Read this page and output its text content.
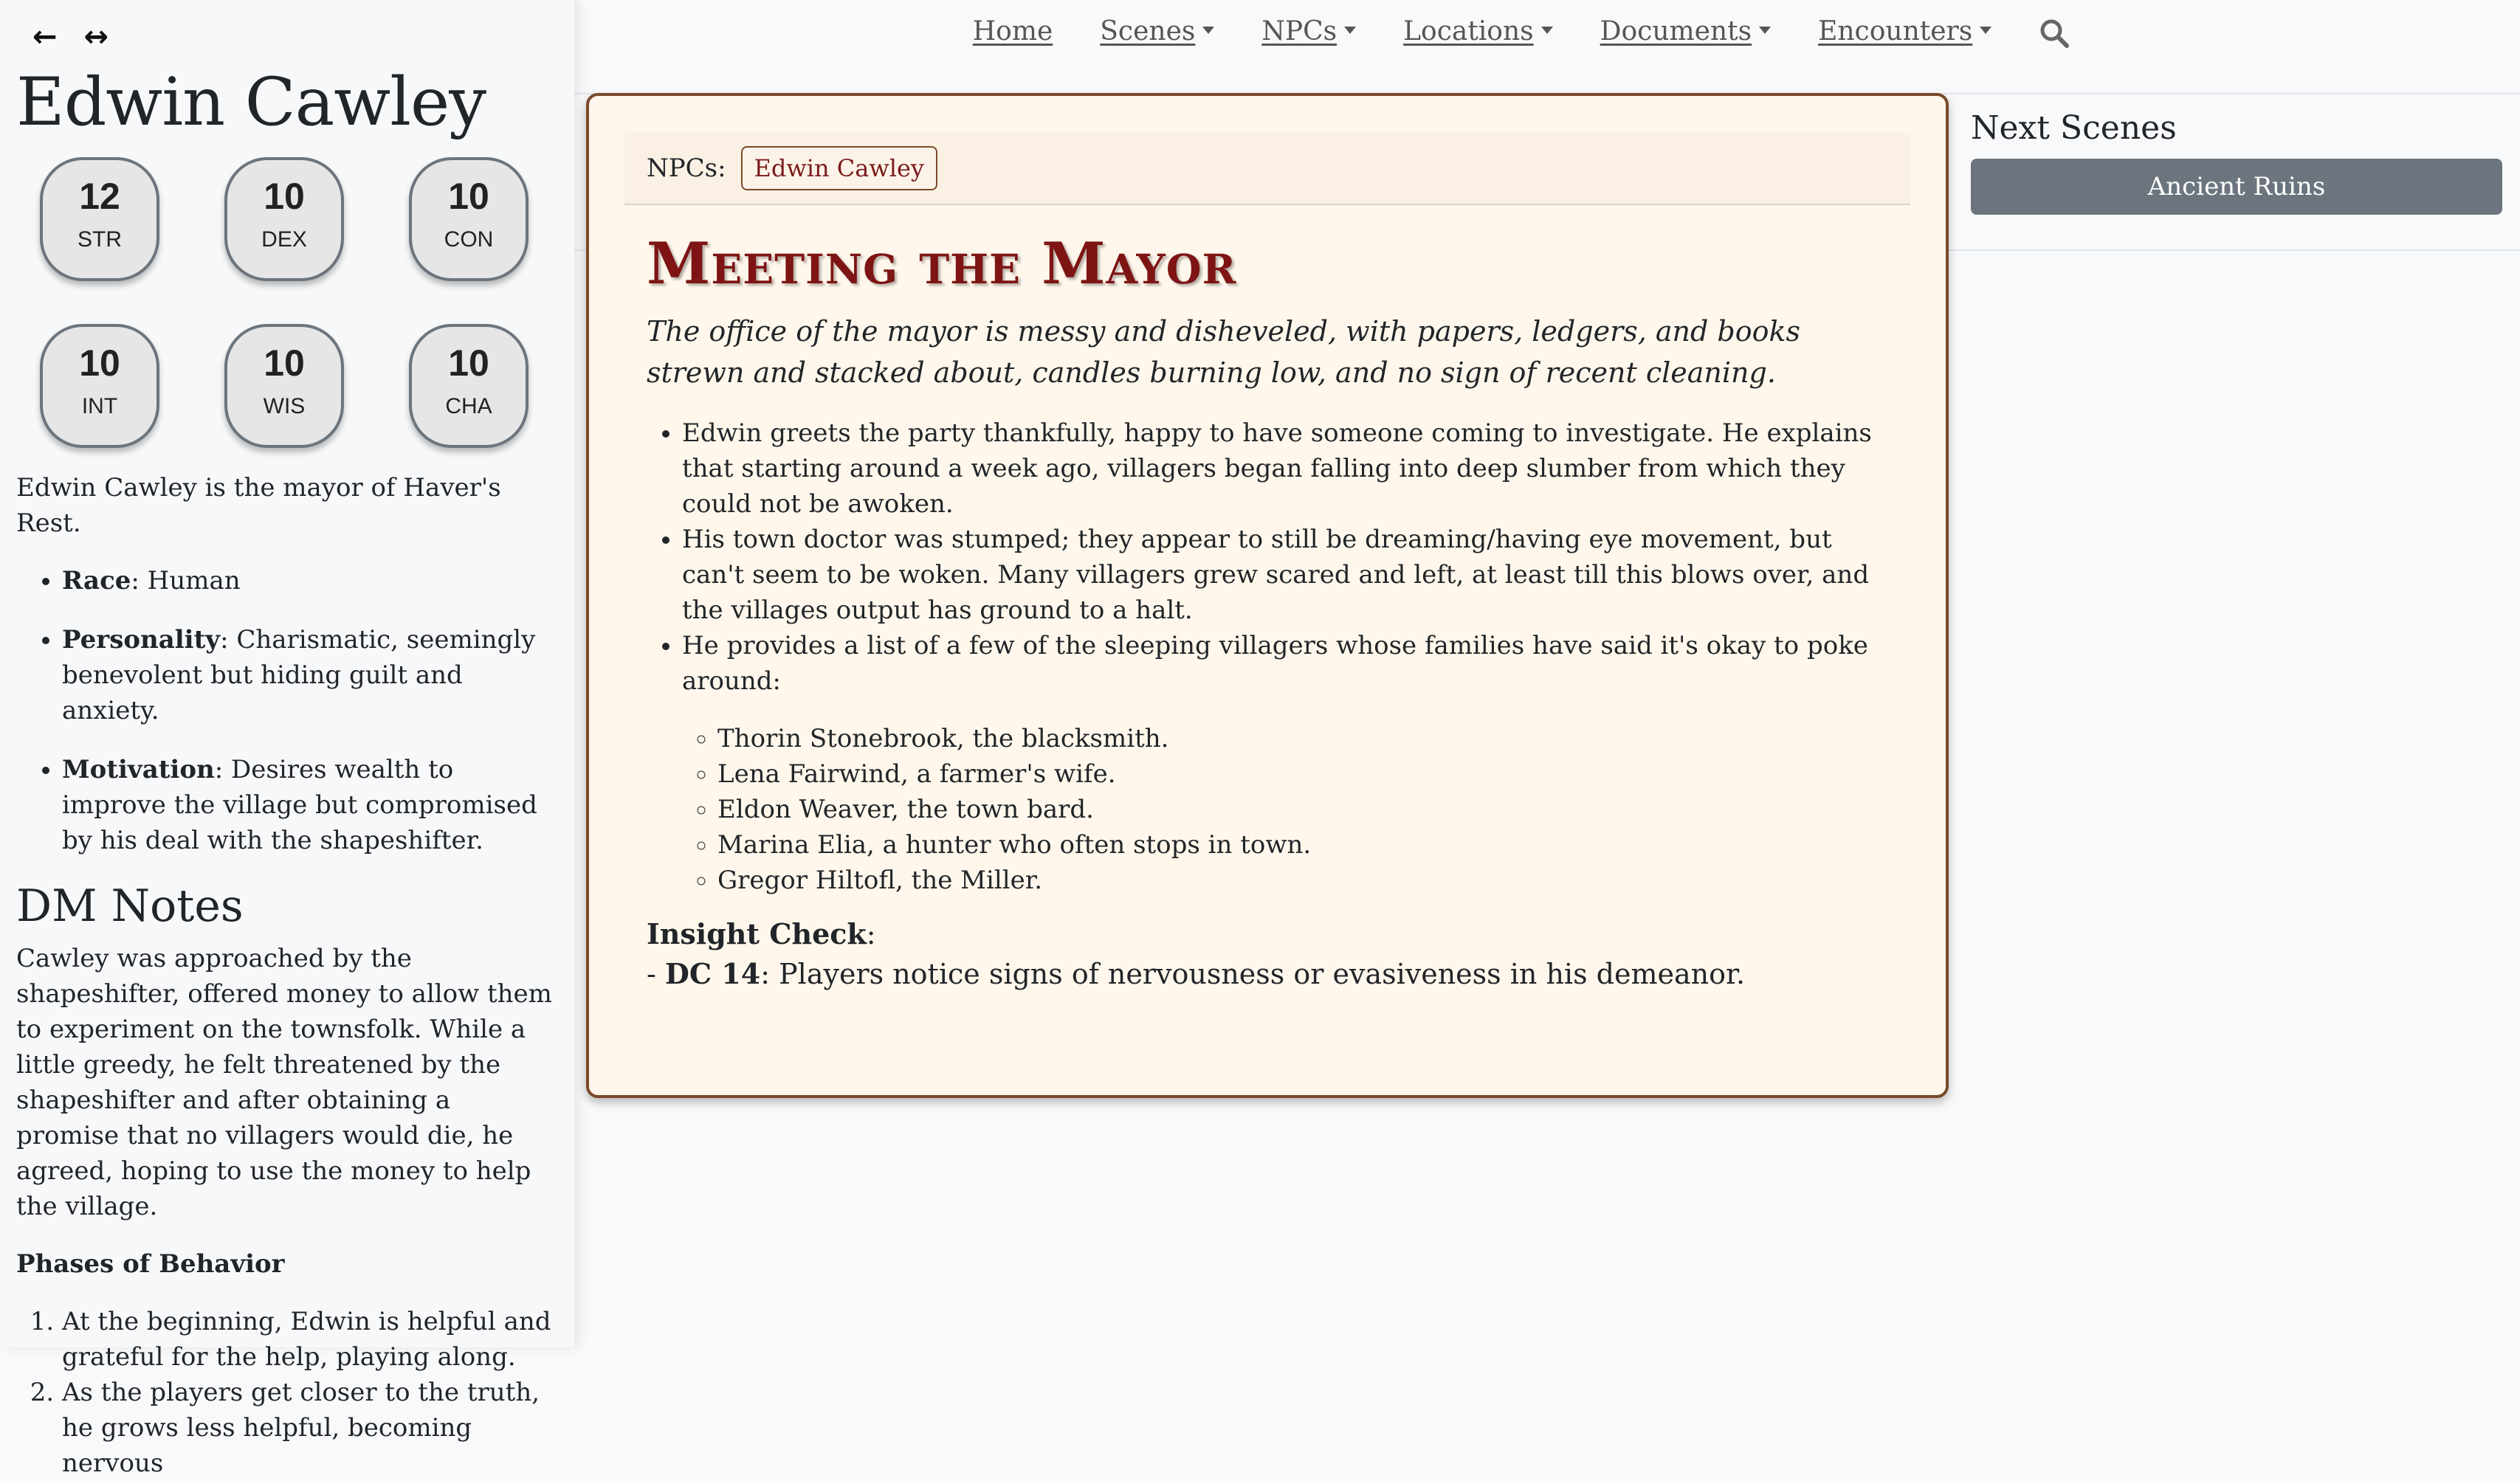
← ↔
Edwin Cawley
12
STR
10
DEX
10
CON
10
INT
10
WIS
10
CHA

Edwin Cawley is the mayor of Haver's Rest.

• Race: Human
• Personality: Charismatic, seemingly benevolent but hiding guilt and anxiety.
• Motivation: Desires wealth to improve the village but compromised by his deal with the shapeshifter.
DM Notes

Cawley was approached by the shapeshifter, offered money to allow them to experiment on the townsfolk. While a little greedy, he felt threatened by the shapeshifter and after obtaining a promise that no villagers would die, he agreed, hoping to use the money to help the village.

Phases of Behavior

1. At the beginning, Edwin is helpful and grateful for the help, playing along.
2. As the players get closer to the truth, he grows less helpful, becoming nervous
Home Scenes	NPCs	Locations	Documents	Encounters
NPCs:	Edwin Cawley
Meeting the Mayor

The office of the mayor is messy and disheveled, with papers, ledgers, and books strewn and stacked about, candles burning low, and no sign of recent cleaning.

• Edwin greets the party thankfully, happy to have someone coming to investigate. He explains that starting around a week ago, villagers began falling into deep slumber from which they could not be awoken.
• His town doctor was stumped; they appear to still be dreaming/having eye movement, but can't seem to be woken. Many villagers grew scared and left, at least till this blows over, and the villages output has ground to a halt.
• He provides a list of a few of the sleeping villagers whose families have said it's okay to poke around:
◦ Thorin Stonebrook, the blacksmith.
◦ Lena Fairwind, a farmer's wife.
◦ Eldon Weaver, the town bard.
◦ Marina Elia, a hunter who often stops in town.
◦ Gregor Hiltofl, the Miller.

Insight Check:

- DC 14: Players notice signs of nervousness or evasiveness in his demeanor.

Next Scenes
Ancient Ruins
